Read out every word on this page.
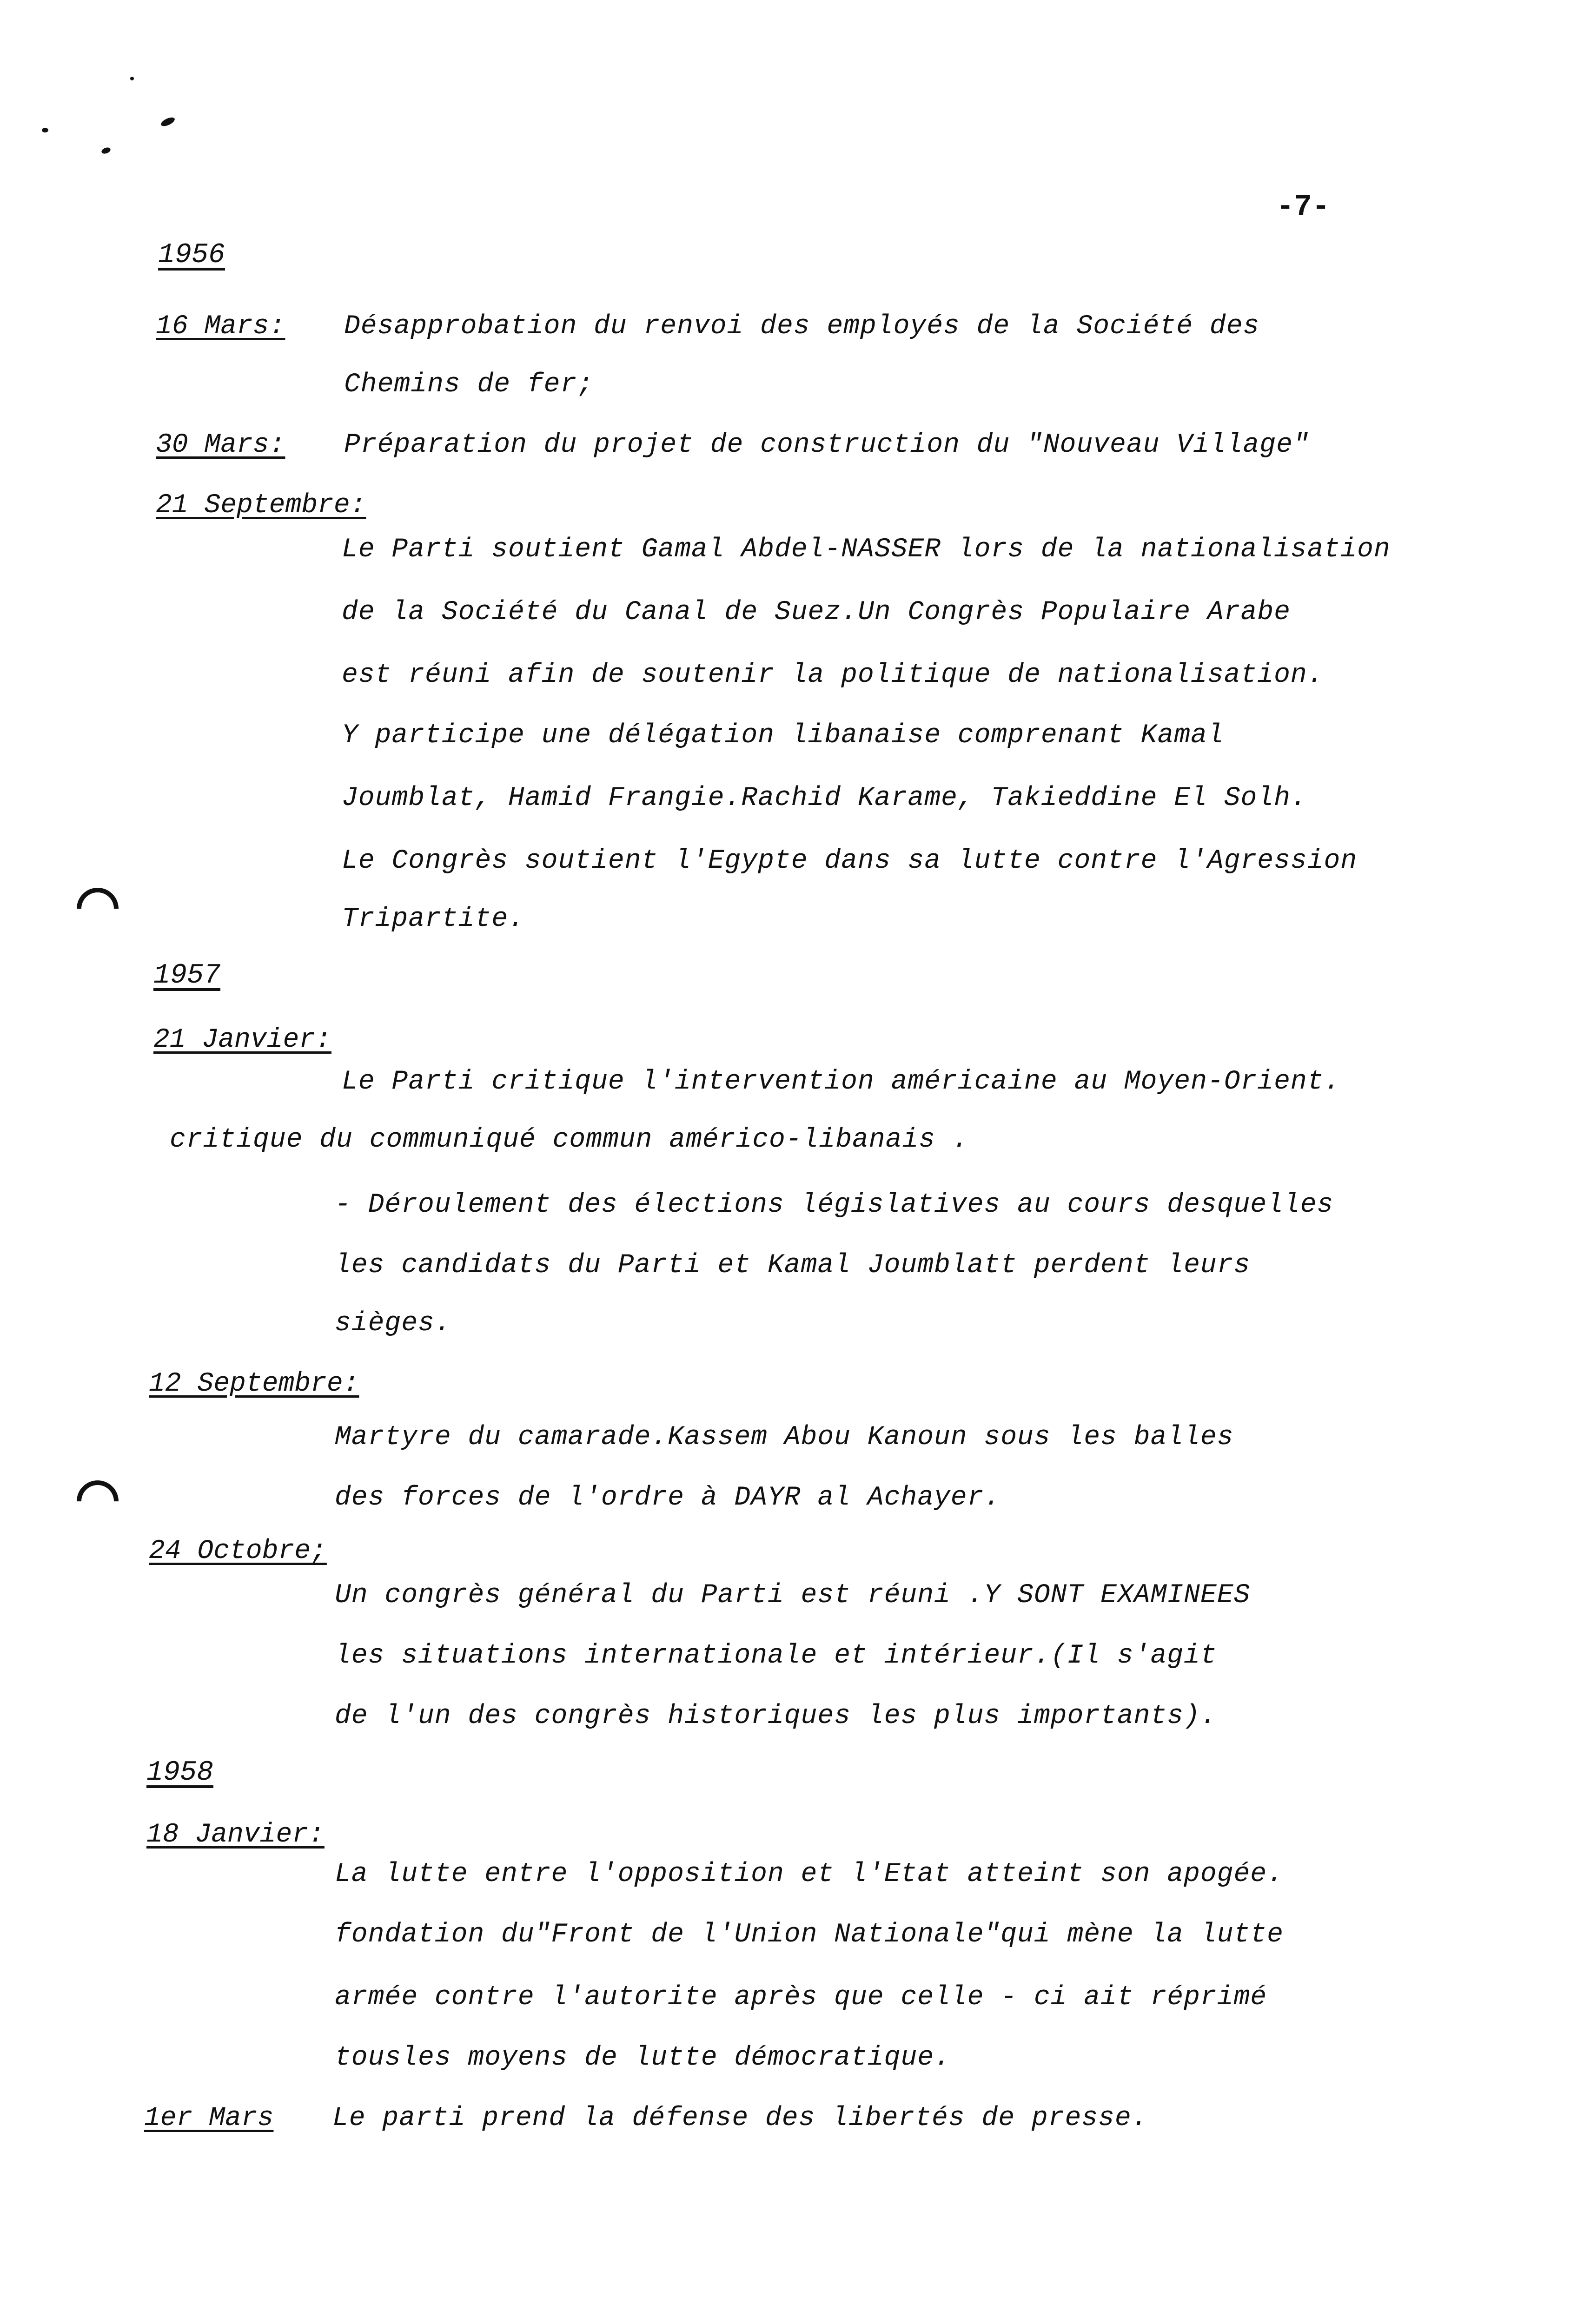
-7-
1956
16 Mars: Désapprobation du renvoi des employés de la Société des
Chemins de fer;
30 Mars: Préparation du projet de construction du "Nouveau Village"
21 Septembre:
Le Parti soutient Gamal Abdel-NASSER lors de la nationalisation
de la Société du Canal de Suez.Un Congrès Populaire Arabe
est réuni afin de soutenir la politique de nationalisation.
Y participe une délégation libanaise comprenant Kamal
Joumblat, Hamid Frangie.Rachid Karame, Takieddine El Solh.
Le Congrès soutient l'Egypte dans sa lutte contre l'Agression
Tripartite.
1957
21 Janvier:
Le Parti critique l'intervention américaine au Moyen-Orient.
critique du communiqué commun américo-libanais .
- Déroulement des élections législatives au cours desquelles
les candidats du Parti et Kamal Joumblatt perdent leurs
sièges.
12 Septembre:
Martyre du camarade.Kassem Abou Kanoun sous les balles
des forces de l'ordre à DAYR al Achayer.
24 Octobre;
Un congrès général du Parti est réuni .Y SONT EXAMINEES
les situations internationale et intérieur.(Il s'agit
de l'un des congrès historiques les plus importants).
1958
18 Janvier:
La lutte entre l'opposition et l'Etat atteint son apogée.
fondation du"Front de l'Union Nationale"qui mène la lutte
armée contre l'autorite après que celle - ci ait réprimé
tousles moyens de lutte démocratique.
1er Mars Le parti prend la défense des libertés de presse.
